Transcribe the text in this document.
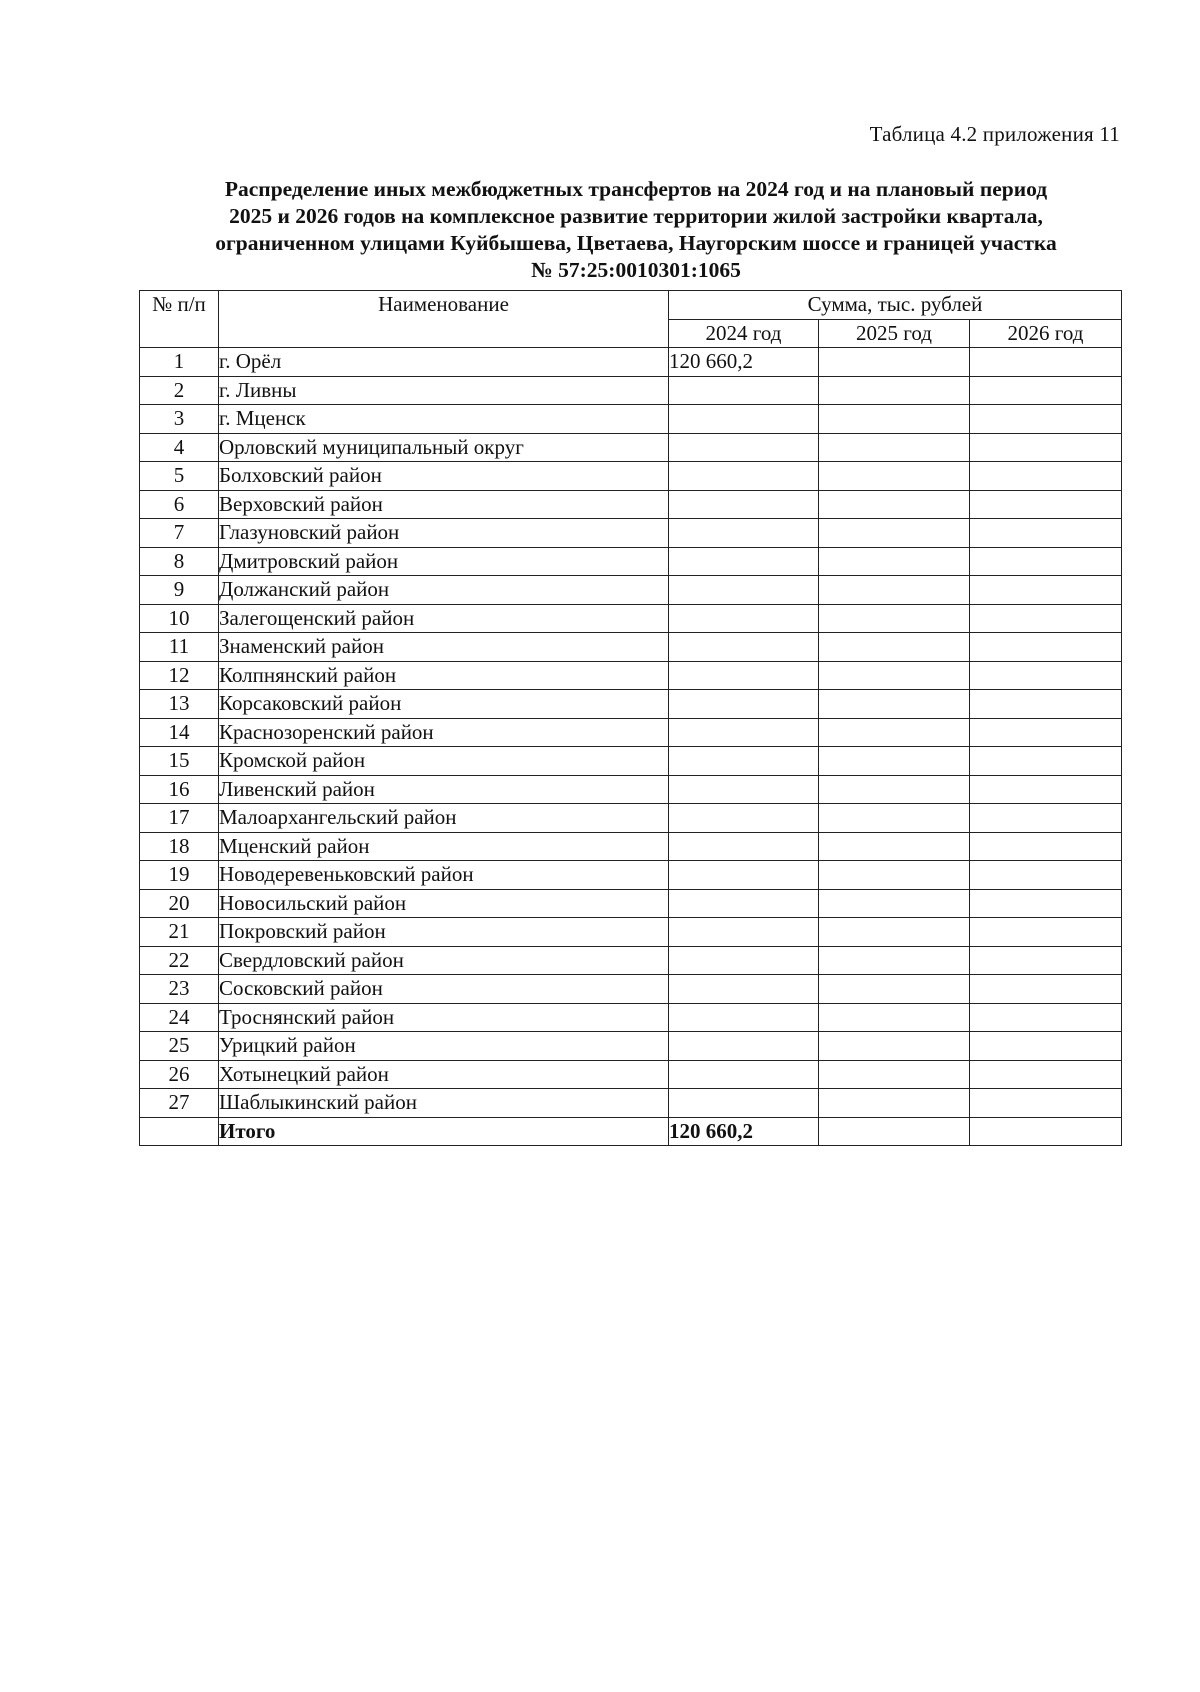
Таблица 4.2 приложения 11
Распределение иных межбюджетных трансфертов на 2024 год и на плановый период
2025 и 2026 годов на комплексное развитие территории жилой застройки квартала,
ограниченном улицами Куйбышева, Цветаева, Наугорским шоссе и границей участка
№ 57:25:0010301:1065
№ п/п	Наименование	Сумма, тыс. рублей		
		2024 год	2025 год	2026 год
1	г. Орёл	120 660,2		
2	г. Ливны			
3	г. Мценск			
4	Орловский муниципальный округ			
5	Болховский район			
6	Верховский район			
7	Глазуновский район			
8	Дмитровский район			
9	Должанский район			
10	Залегощенский район			
11	Знаменский район			
12	Колпнянский район			
13	Корсаковский район			
14	Краснозоренский район			
15	Кромской район			
16	Ливенский район			
17	Малоархангельский район			
18	Мценский район			
19	Новодеревеньковский район			
20	Новосильский район			
21	Покровский район			
22	Свердловский район			
23	Сосковский район			
24	Троснянский район			
25	Урицкий район			
26	Хотынецкий район			
27	Шаблыкинский район			
	Итого	120 660,2		
